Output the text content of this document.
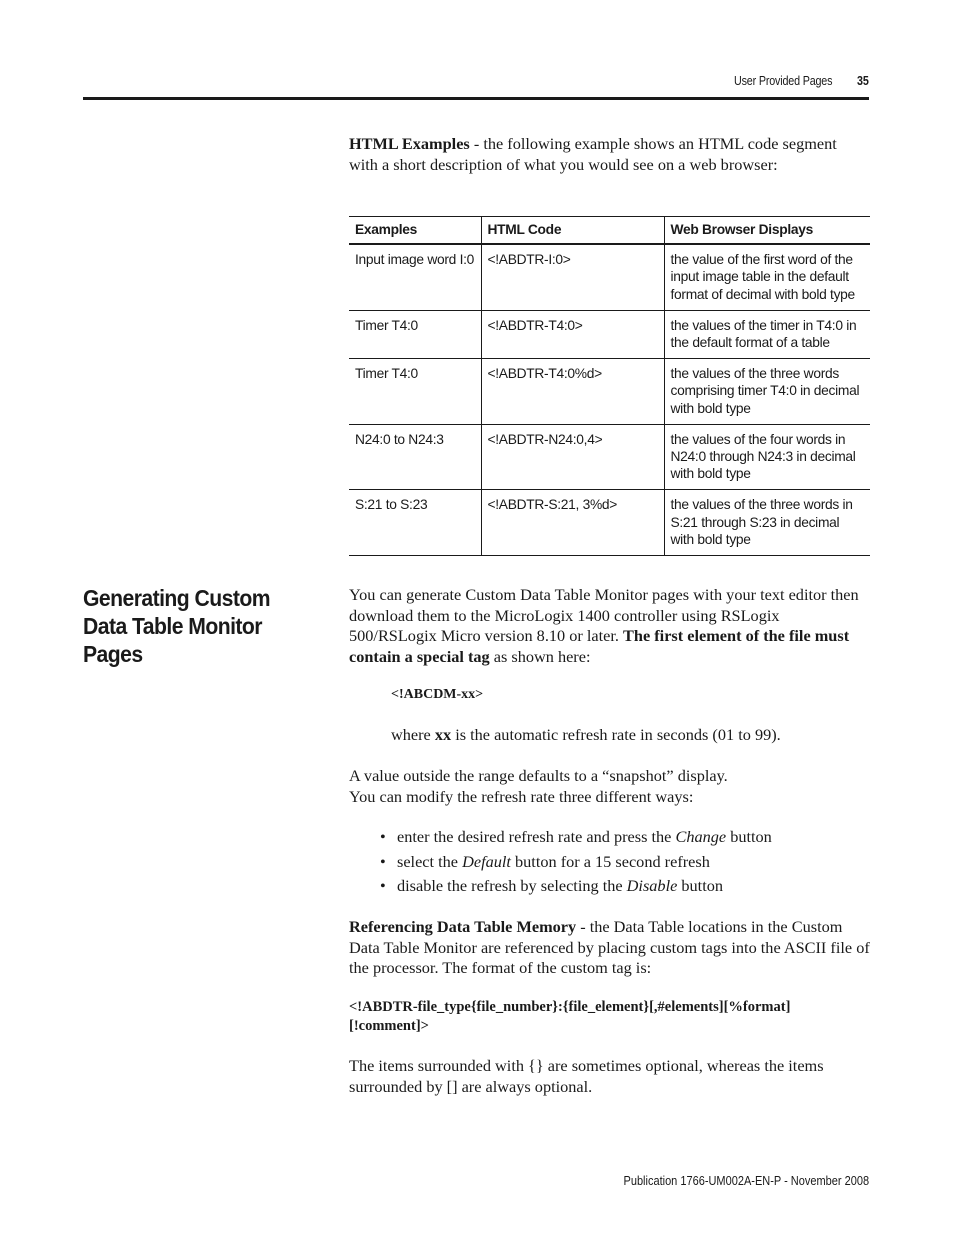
User Provided Pages 35

HTML Examples - the following example shows an HTML code segment with a short description of what you would see on a web browser:

Examples	HTML Code	Web Browser Displays
Input image word I:0	<!ABDTR-I:0>	the value of the first word of the input image table in the default format of decimal with bold type
Timer T4:0	<!ABDTR-T4:0>	the values of the timer in T4:0 in the default format of a table
Timer T4:0	<!ABDTR-T4:0%d>	the values of the three words comprising timer T4:0 in decimal with bold type
N24:0 to N24:3	<!ABDTR-N24:0,4>	the values of the four words in N24:0 through N24:3 in decimal with bold type
S:21 to S:23	<!ABDTR-S:21, 3%d>	the values of the three words in S:21 through S:23 in decimal with bold type
Generating Custom Data Table Monitor Pages

You can generate Custom Data Table Monitor pages with your text editor then download them to the MicroLogix 1400 controller using RSLogix 500/RSLogix Micro version 8.10 or later. The first element of the file must contain a special tag as shown here:

<!ABCDM-xx>

where xx is the automatic refresh rate in seconds (01 to 99).

A value outside the range defaults to a “snapshot” display.
You can modify the refresh rate three different ways:

• enter the desired refresh rate and press the Change button
• select the Default button for a 15 second refresh
• disable the refresh by selecting the Disable button

Referencing Data Table Memory - the Data Table locations in the Custom Data Table Monitor are referenced by placing custom tags into the ASCII file of the processor. The format of the custom tag is:

<!ABDTR-file_type{file_number}:{file_element}[,#elements][%format]
[!comment]>

The items surrounded with {} are sometimes optional, whereas the items surrounded by [] are always optional.

Publication 1766-UM002A-EN-P - November 2008
